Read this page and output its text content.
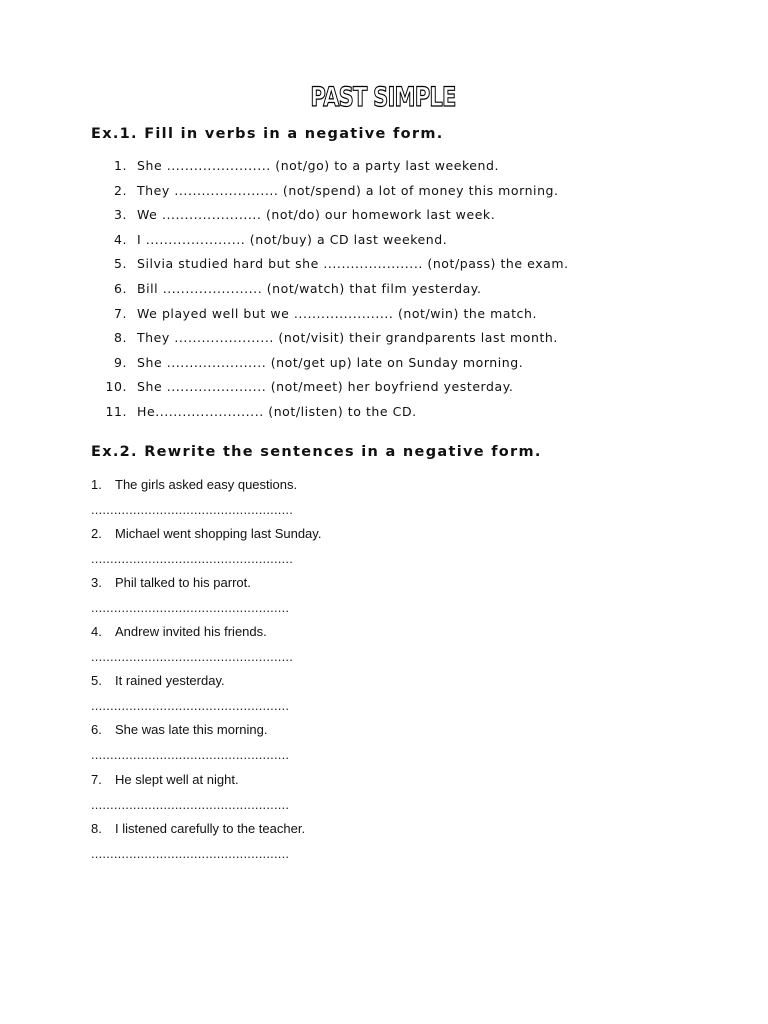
PAST SIMPLE
Ex.1. Fill in verbs in a negative form.
1. She ....................... (not/go) to a party last weekend.
2. They ....................... (not/spend) a lot of money this morning.
3. We ...................... (not/do) our homework last week.
4. I ...................... (not/buy) a CD last weekend.
5. Silvia studied hard but she ...................... (not/pass) the exam.
6. Bill ...................... (not/watch) that film yesterday.
7. We played well but we ...................... (not/win) the match.
8. They ...................... (not/visit) their grandparents last month.
9. She ...................... (not/get up) late on Sunday morning.
10. She ...................... (not/meet) her boyfriend yesterday.
11. He........................ (not/listen) to the CD.
Ex.2. Rewrite the sentences in a negative form.
1. The girls asked easy questions.
.....................................................
2. Michael went shopping last Sunday.
.....................................................
3. Phil talked to his parrot.
....................................................
4. Andrew invited his friends.
.....................................................
5. It rained yesterday.
....................................................
6. She was late this morning.
....................................................
7. He slept well at night.
....................................................
8. I listened carefully to the teacher.
....................................................
